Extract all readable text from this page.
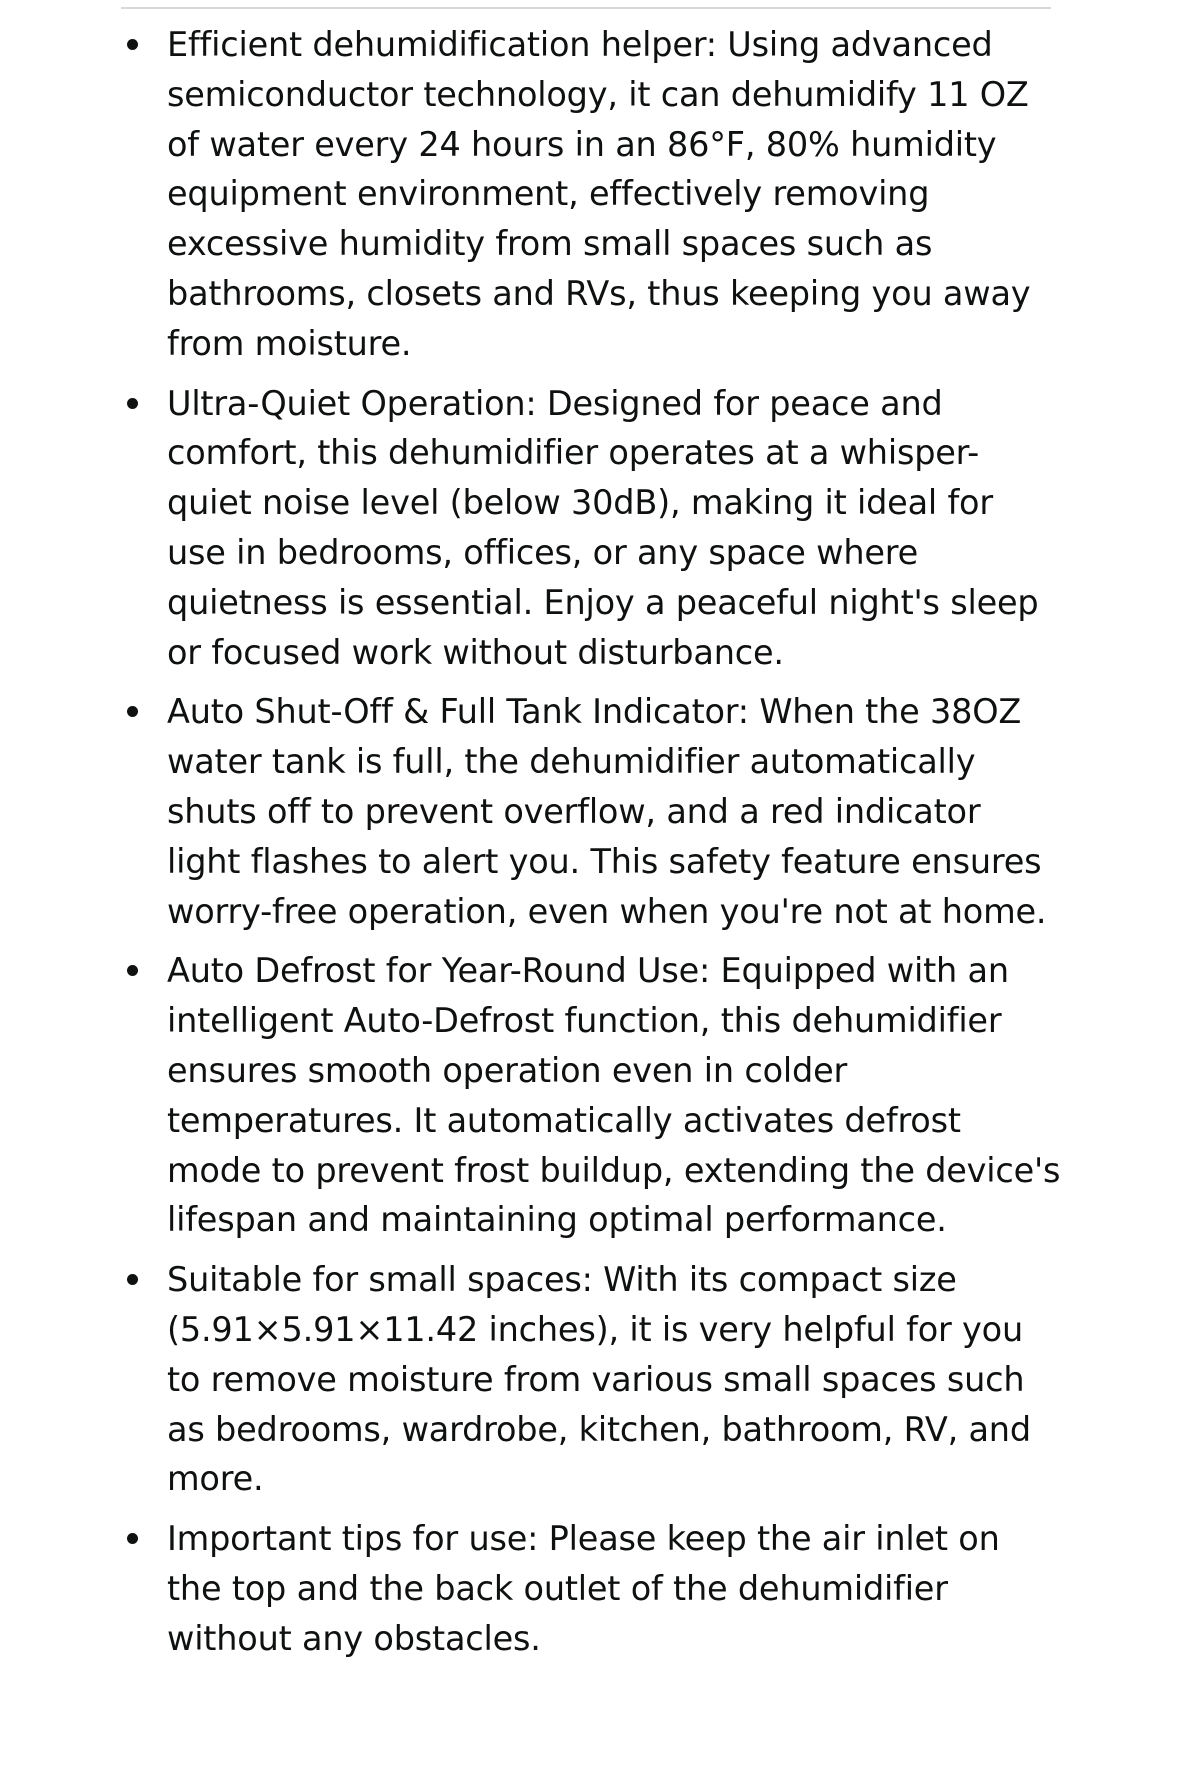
Efficient dehumidification helper: Using advanced semiconductor technology, it can dehumidify 11 OZ of water every 24 hours in an 86°F, 80% humidity equipment environment, effectively removing excessive humidity from small spaces such as bathrooms, closets and RVs, thus keeping you away from moisture.
Ultra-Quiet Operation: Designed for peace and comfort, this dehumidifier operates at a whisper-quiet noise level (below 30dB), making it ideal for use in bedrooms, offices, or any space where quietness is essential. Enjoy a peaceful night's sleep or focused work without disturbance.
Auto Shut-Off & Full Tank Indicator: When the 38OZ water tank is full, the dehumidifier automatically shuts off to prevent overflow, and a red indicator light flashes to alert you. This safety feature ensures worry-free operation, even when you're not at home.
Auto Defrost for Year-Round Use: Equipped with an intelligent Auto-Defrost function, this dehumidifier ensures smooth operation even in colder temperatures. It automatically activates defrost mode to prevent frost buildup, extending the device's lifespan and maintaining optimal performance.
Suitable for small spaces: With its compact size (5.91×5.91×11.42 inches), it is very helpful for you to remove moisture from various small spaces such as bedrooms, wardrobe, kitchen, bathroom, RV, and more.
Important tips for use: Please keep the air inlet on the top and the back outlet of the dehumidifier without any obstacles.
